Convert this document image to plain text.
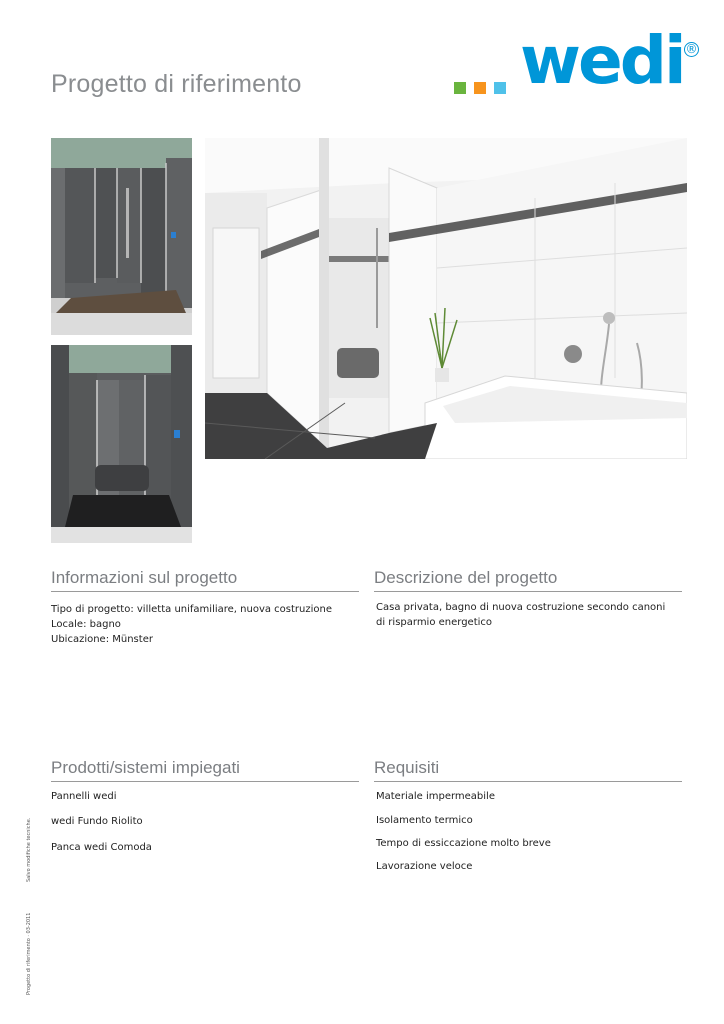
Progetto di riferimento	wedi ®
Informazioni sul progetto
Tipo di progetto: villetta unifamiliare, nuova costruzione
Locale: bagno
Ubicazione: Münster
Descrizione del progetto
Casa privata, bagno di nuova costruzione secondo canoni di risparmio energetico
Prodotti/sistemi impiegati
Pannelli wedi
wedi Fundo Riolito
Panca wedi Comoda
Requisiti
Materiale impermeabile
Isolamento termico
Tempo di essiccazione molto breve
Lavorazione veloce
Progetto di riferimento · 03-2011
Salvo modifiche tecniche.
